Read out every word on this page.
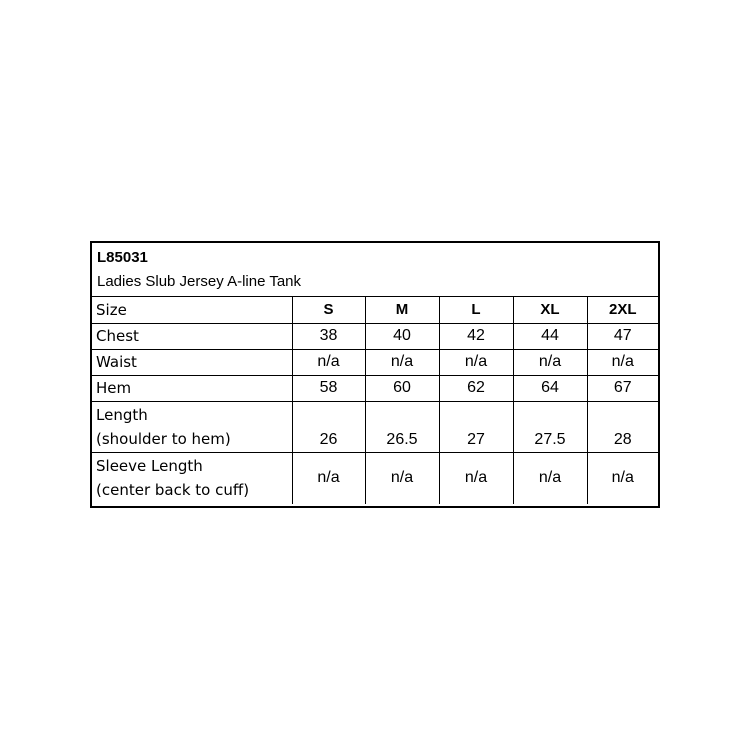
L85031
Ladies Slub Jersey A-line Tank
Size	S	M	L	XL	2XL
Chest	38	40	42	44	47
Waist	n/a	n/a	n/a	n/a	n/a
Hem	58	60	62	64	67

Length
(shoulder to hem)	26	26.5	27	27.5	28

Sleeve Length
(center back to cuff)	n/a	n/a	n/a	n/a	n/a
